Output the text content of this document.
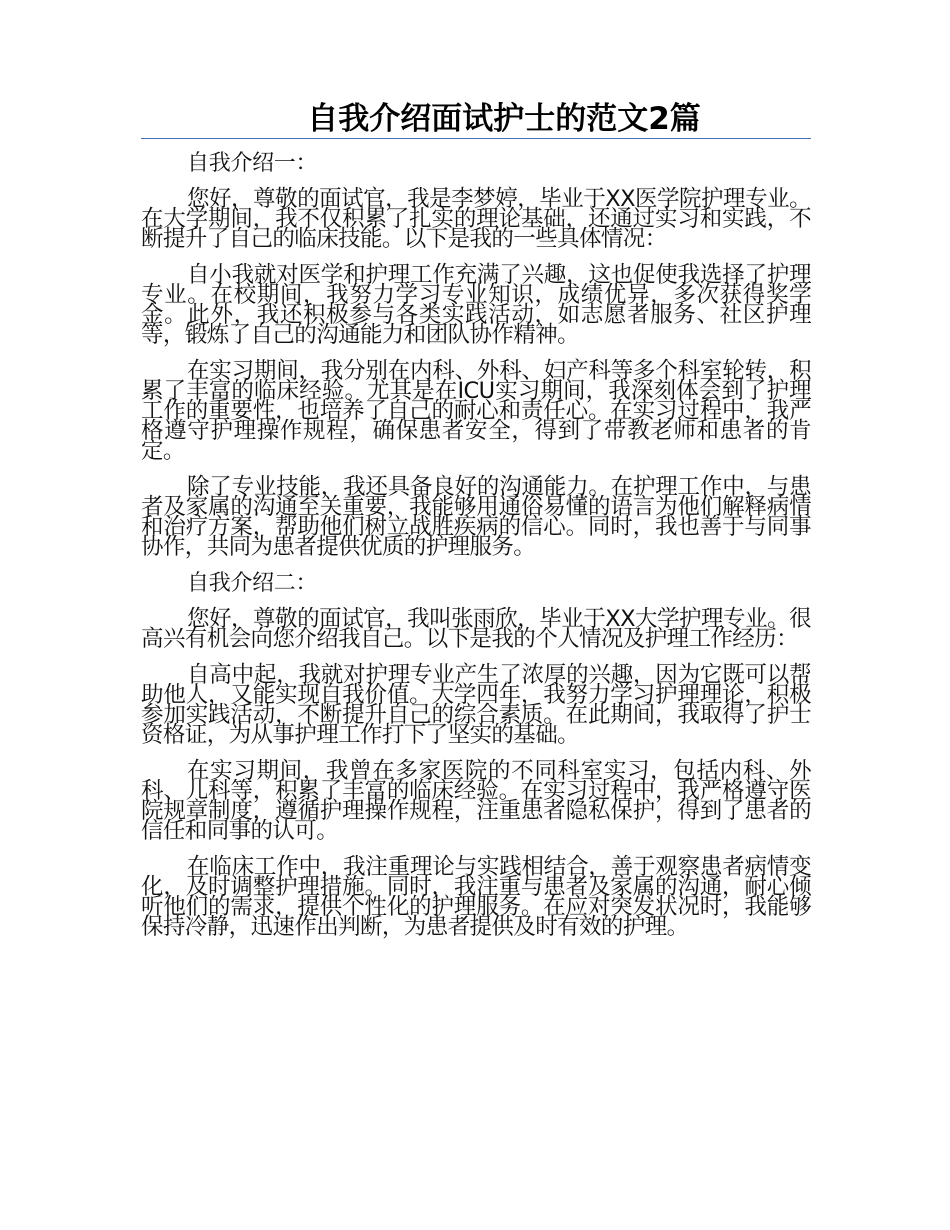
自我介绍面试护士的范文2篇

自我介绍一：

您好，尊敬的面试官，我是李梦婷，毕业于XX医学院护理专业。在大学期间，我不仅积累了扎实的理论基础，还通过实习和实践，不断提升了自己的临床技能。以下是我的一些具体情况：

自小我就对医学和护理工作充满了兴趣，这也促使我选择了护理专业。在校期间，我努力学习专业知识，成绩优异，多次获得奖学金。此外，我还积极参与各类实践活动，如志愿者服务、社区护理等，锻炼了自己的沟通能力和团队协作精神。

在实习期间，我分别在内科、外科、妇产科等多个科室轮转，积累了丰富的临床经验。尤其是在ICU实习期间，我深刻体会到了护理工作的重要性，也培养了自己的耐心和责任心。在实习过程中，我严格遵守护理操作规程，确保患者安全，得到了带教老师和患者的肯定。

除了专业技能，我还具备良好的沟通能力。在护理工作中，与患者及家属的沟通至关重要，我能够用通俗易懂的语言为他们解释病情和治疗方案，帮助他们树立战胜疾病的信心。同时，我也善于与同事协作，共同为患者提供优质的护理服务。

自我介绍二：

您好，尊敬的面试官，我叫张雨欣，毕业于XX大学护理专业。很高兴有机会向您介绍我自己。以下是我的个人情况及护理工作经历：

自高中起，我就对护理专业产生了浓厚的兴趣，因为它既可以帮助他人，又能实现自我价值。大学四年，我努力学习护理理论，积极参加实践活动，不断提升自己的综合素质。在此期间，我取得了护士资格证，为从事护理工作打下了坚实的基础。

在实习期间，我曾在多家医院的不同科室实习，包括内科、外科、儿科等，积累了丰富的临床经验。在实习过程中，我严格遵守医院规章制度，遵循护理操作规程，注重患者隐私保护，得到了患者的信任和同事的认可。

在临床工作中，我注重理论与实践相结合，善于观察患者病情变化，及时调整护理措施。同时，我注重与患者及家属的沟通，耐心倾听他们的需求，提供个性化的护理服务。在应对突发状况时，我能够保持冷静，迅速作出判断，为患者提供及时有效的护理。
